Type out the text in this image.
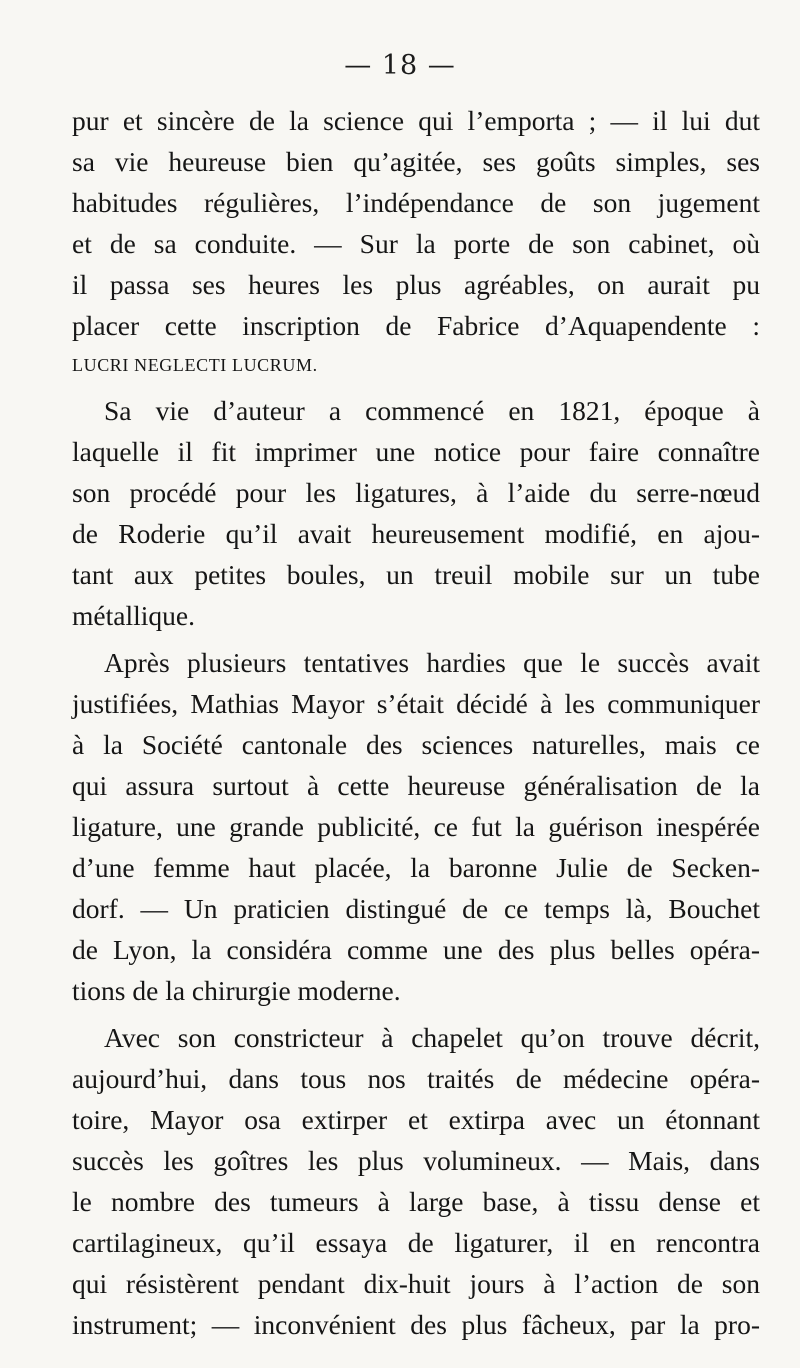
— 18 —
pur et sincère de la science qui l’emporta ; — il lui dut
sa vie heureuse bien qu’agitée, ses goûts simples, ses
habitudes régulières, l’indépendance de son jugement
et de sa conduite. — Sur la porte de son cabinet, où
il passa ses heures les plus agréables, on aurait pu
placer cette inscription de Fabrice d’Aquapendente :
LUCRI NEGLECTI LUCRUM.
Sa vie d’auteur a commencé en 1821, époque à
laquelle il fit imprimer une notice pour faire connaître
son procédé pour les ligatures, à l’aide du serre-nœud
de Roderie qu’il avait heureusement modifié, en ajou-
tant aux petites boules, un treuil mobile sur un tube
métallique.
Après plusieurs tentatives hardies que le succès avait
justifiées, Mathias Mayor s’était décidé à les communiquer
à la Société cantonale des sciences naturelles, mais ce
qui assura surtout à cette heureuse généralisation de la
ligature, une grande publicité, ce fut la guérison inespérée
d’une femme haut placée, la baronne Julie de Secken-
dorf. — Un praticien distingué de ce temps là, Bouchet
de Lyon, la considéra comme une des plus belles opéra-
tions de la chirurgie moderne.
Avec son constricteur à chapelet qu’on trouve décrit,
aujourd’hui, dans tous nos traités de médecine opéra-
toire, Mayor osa extirper et extirpa avec un étonnant
succès les goîtres les plus volumineux. — Mais, dans
le nombre des tumeurs à large base, à tissu dense et
cartilagineux, qu’il essaya de ligaturer, il en rencontra
qui résistèrent pendant dix-huit jours à l’action de son
instrument; — inconvénient des plus fâcheux, par la pro-
